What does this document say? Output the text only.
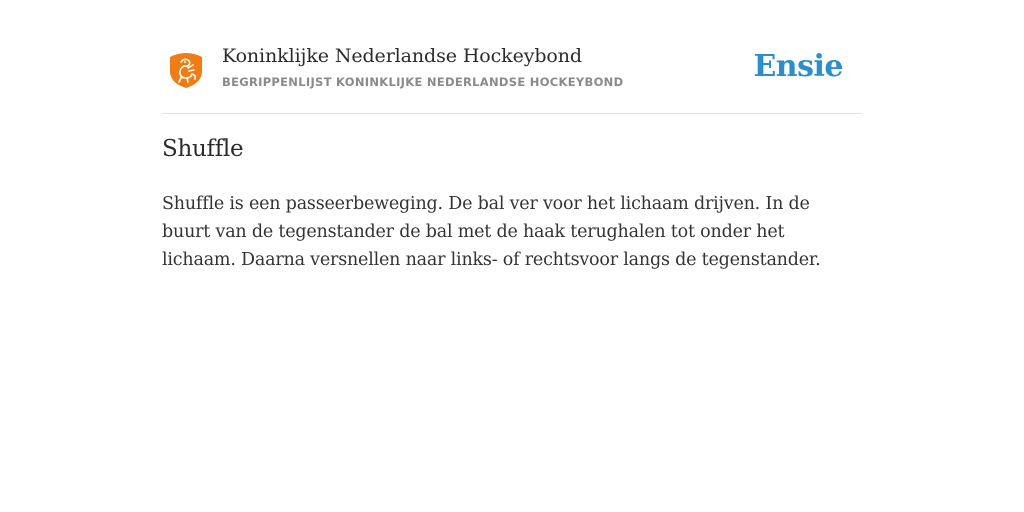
Koninklijke Nederlandse Hockeybond
BEGRIPPENLIJST KONINKLIJKE NEDERLANDSE HOCKEYBOND	Ensie
Shuffle

Shuffle is een passeerbeweging. De bal ver voor het lichaam drijven. In de buurt van de tegenstander de bal met de haak terughalen tot onder het lichaam. Daarna versnellen naar links- of rechtsvoor langs de tegenstander.
